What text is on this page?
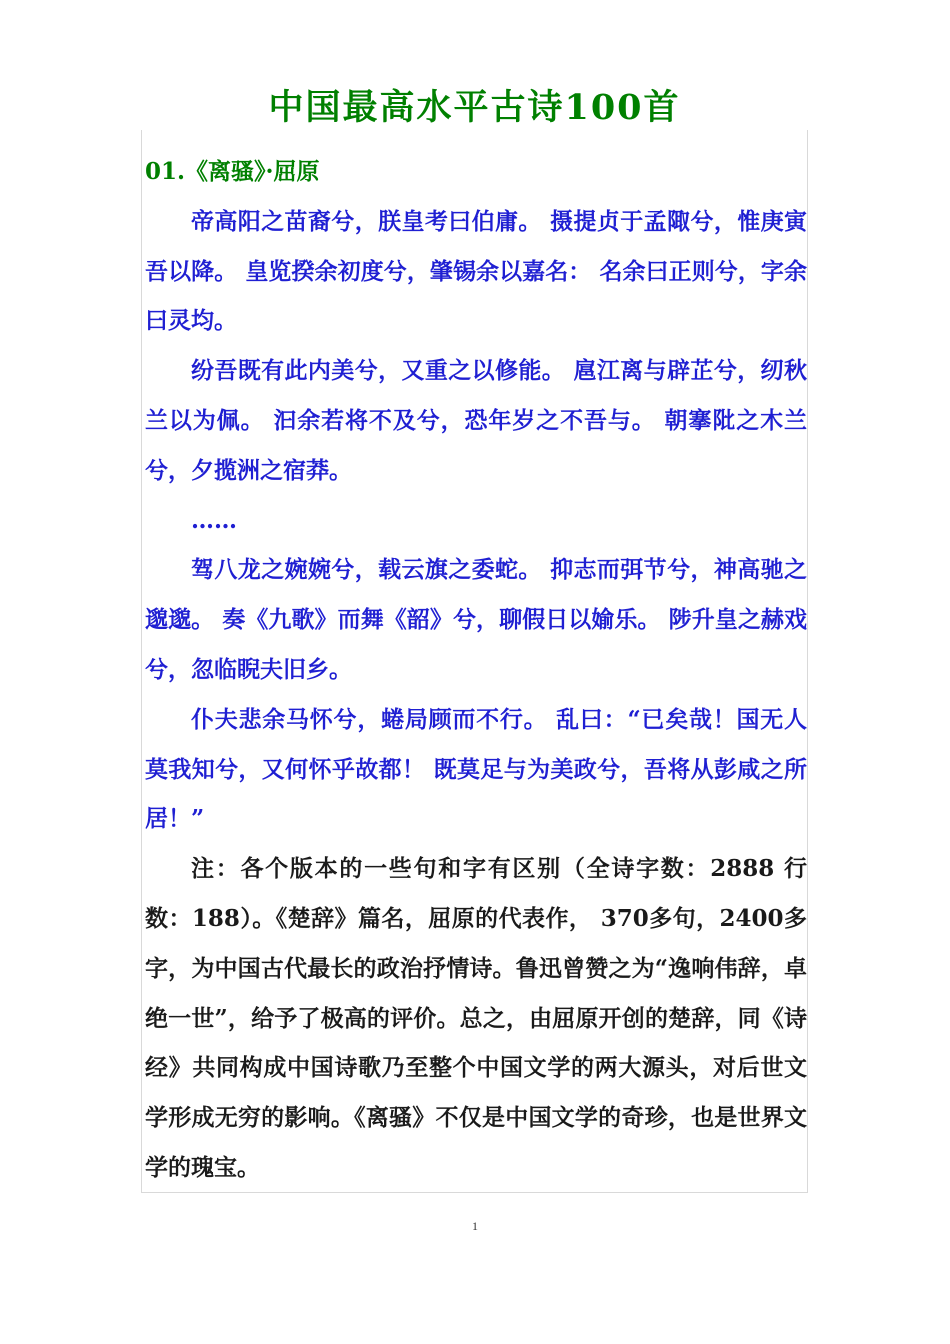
中国最高水平古诗100首

01.《离骚》·屈原

帝高阳之苗裔兮，朕皇考曰伯庸。 摄提贞于孟陬兮，惟庚寅吾以降。 皇览揆余初度兮，肇锡余以嘉名： 名余曰正则兮，字余曰灵均。

纷吾既有此内美兮，又重之以修能。 扈江离与辟芷兮，纫秋兰以为佩。 汩余若将不及兮，恐年岁之不吾与。 朝搴阰之木兰兮，夕揽洲之宿莽。

……

驾八龙之婉婉兮，载云旗之委蛇。 抑志而弭节兮，神高驰之邈邈。 奏《九歌》而舞《韶》兮，聊假日以媮乐。 陟升皇之赫戏兮，忽临睨夫旧乡。

仆夫悲余马怀兮，蜷局顾而不行。 乱曰：“已矣哉！国无人莫我知兮，又何怀乎故都！ 既莫足与为美政兮，吾将从彭咸之所居！”

注：各个版本的一些句和字有区别（全诗字数：2888 行数：188）。《楚辞》篇名，屈原的代表作， 370多句，2400多字，为中国古代最长的政治抒情诗。鲁迅曾赞之为“逸响伟辞，卓绝一世”，给予了极高的评价。总之，由屈原开创的楚辞，同《诗经》共同构成中国诗歌乃至整个中国文学的两大源头，对后世文学形成无穷的影响。《离骚》不仅是中国文学的奇珍，也是世界文学的瑰宝。

1
